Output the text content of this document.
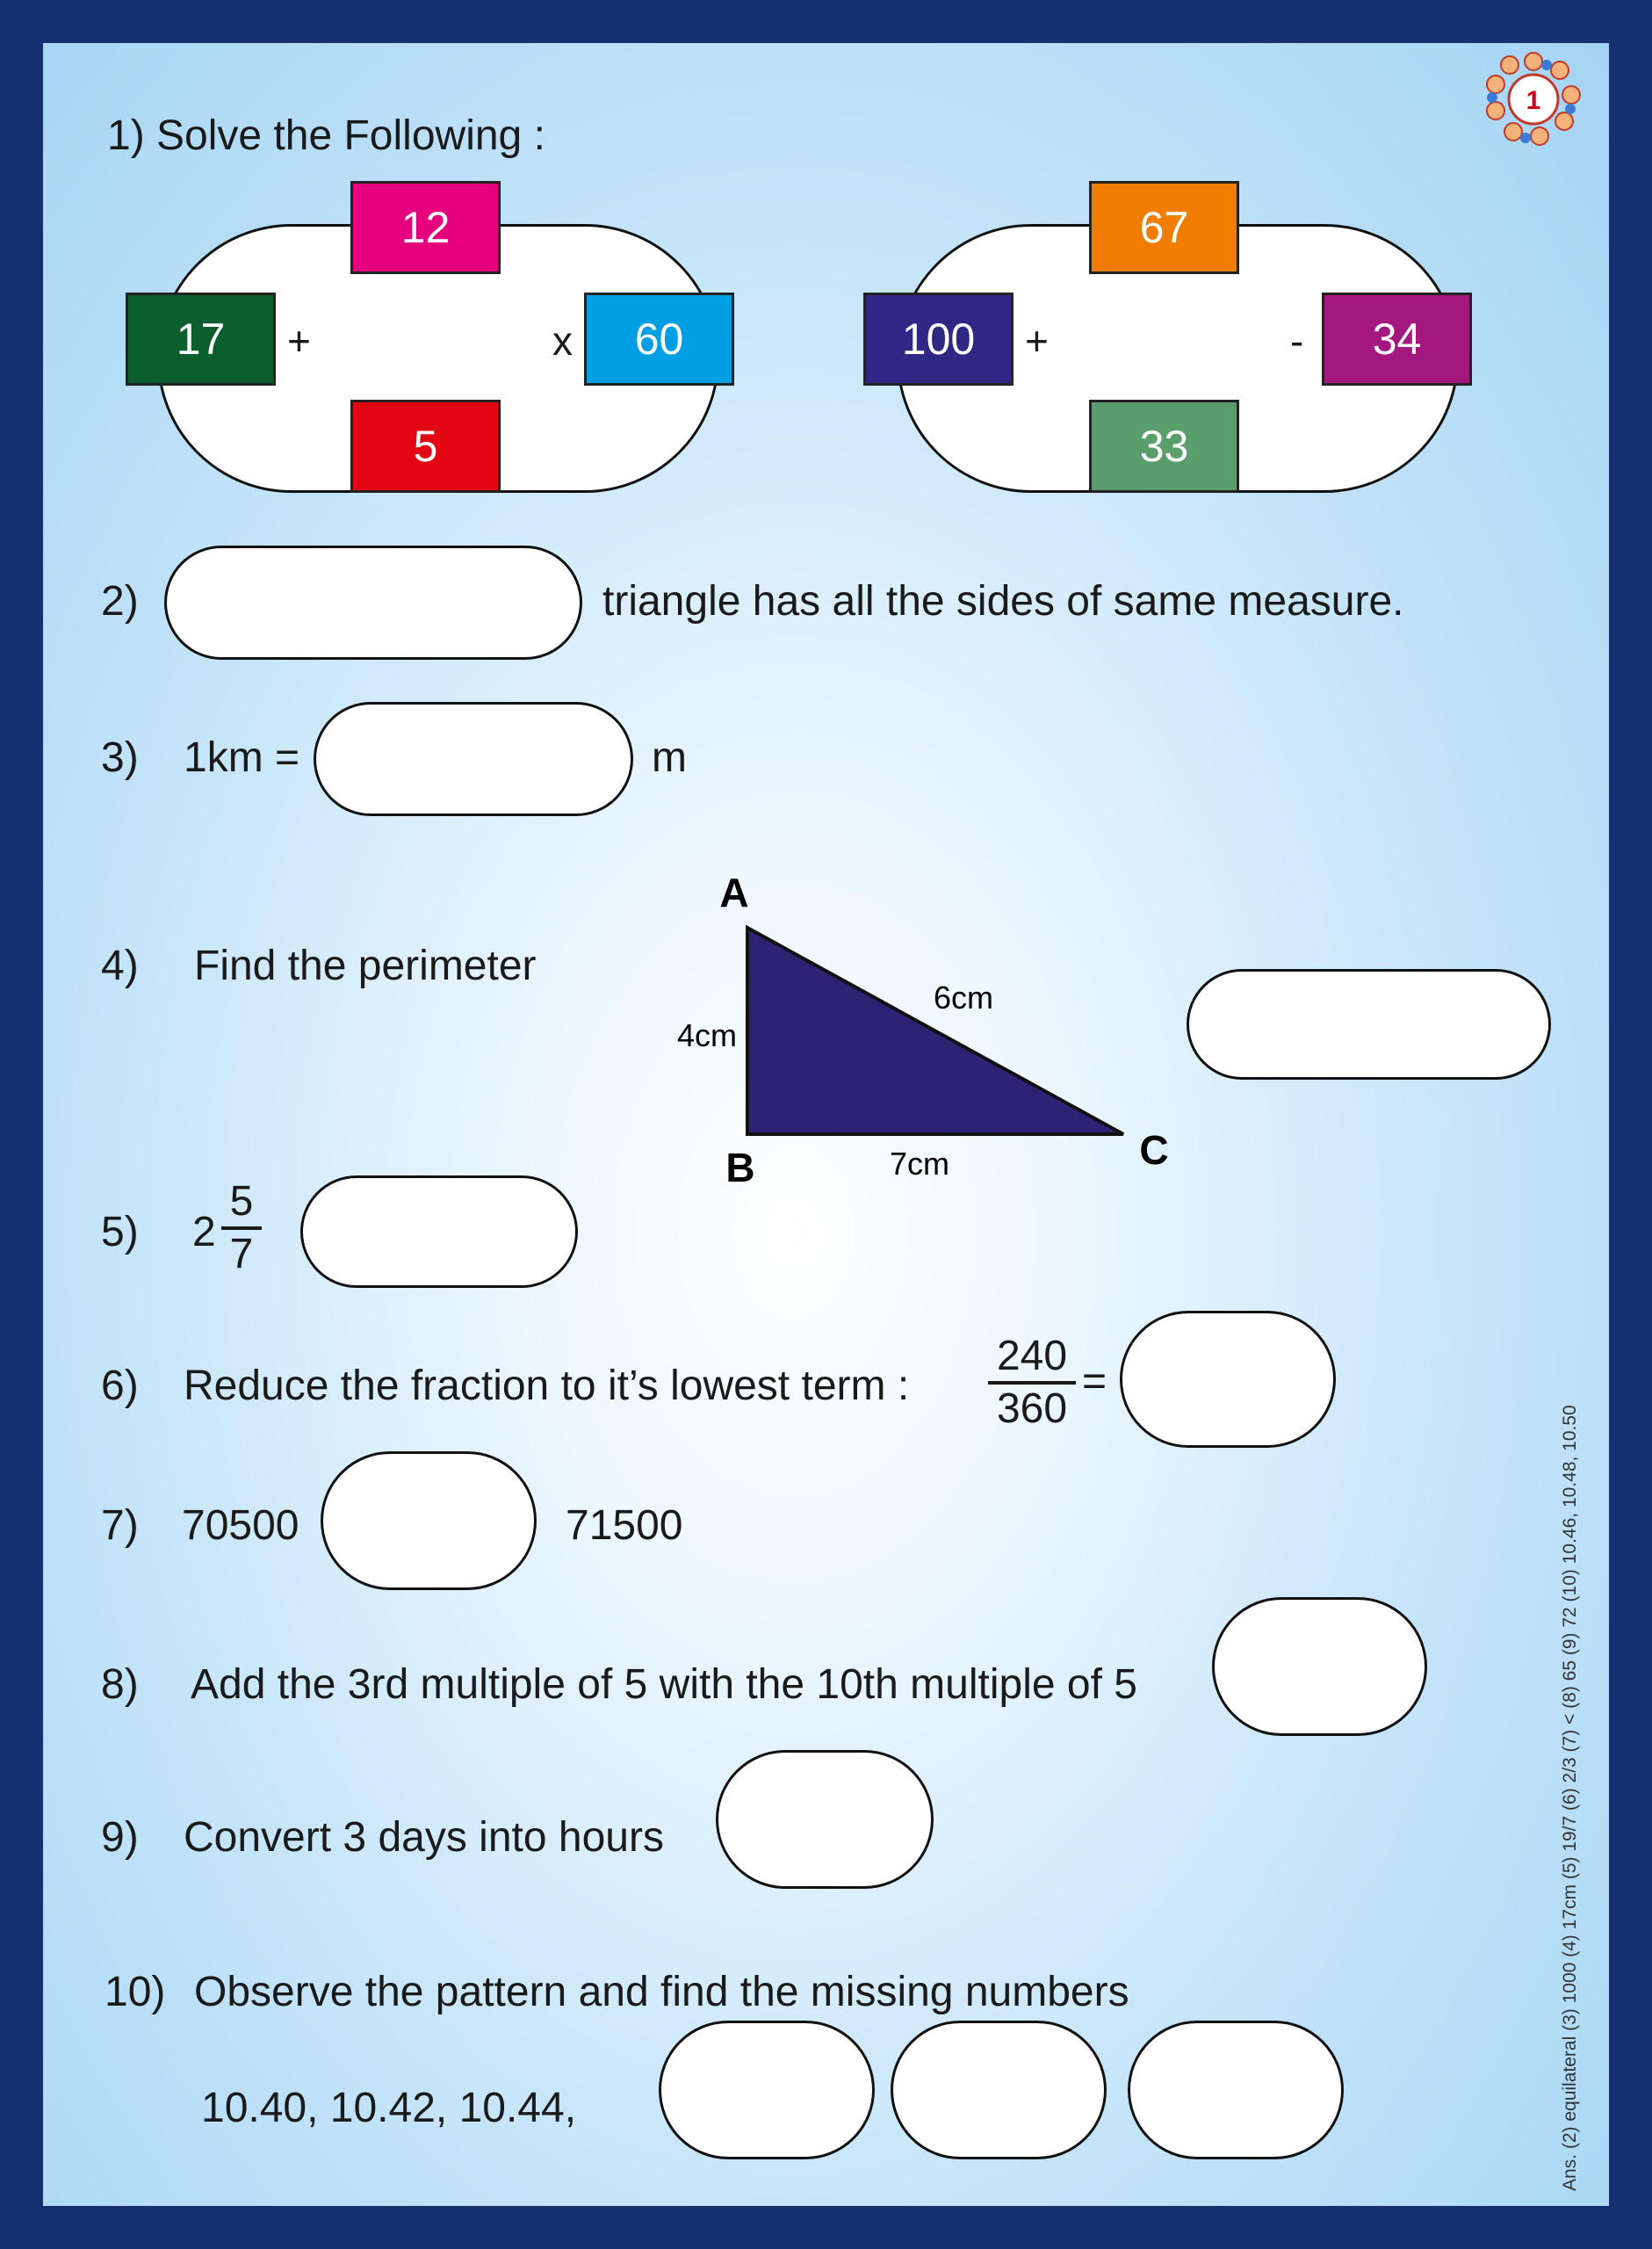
1
1) Solve the Following :
12
17	60
5
+	x
67
100	34
33
+	-
2)	triangle has all the sides of same measure.
3) 1km =	m
4) Find the perimeter
A
B	C
4cm
6cm
7cm
5) 2
5
7
6) Reduce the fraction to it’s lowest term :
240
360
=
7) 70500	71500
8) Add the 3rd multiple of 5 with the 10th multiple of 5
9) Convert 3 days into hours
10) Observe the pattern and find the missing numbers
10.40, 10.42, 10.44,	Ans. (2) equilateral (3) 1000 (4) 17cm (5) 19/7 (6) 2/3 (7) < (8) 65 (9) 72 (10) 10.46, 10.48, 10.50
